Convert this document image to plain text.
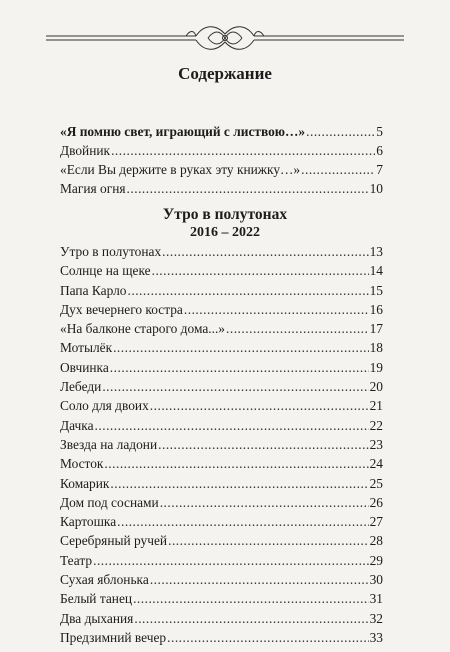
Содержание
«Я помню свет, играющий с листвою…» .....	5
Двойник .....	6
«Если Вы держите в руках эту книжку…» .....	7
Магия огня .....	10
Утро в полутонах
2016 – 2022
Утро в полутонах .....	13
Солнце на щеке .....	14
Папа Карло .....	15
Дух вечернего костра .....	16
«На балконе старого дома...» .....	17
Мотылёк .....	18
Овчинка .....	19
Лебеди .....	20
Соло для двоих .....	21
Дачка .....	22
Звезда на ладони .....	23
Мосток .....	24
Комарик .....	25
Дом под соснами .....	26
Картошка .....	27
Серебряный ручей .....	28
Театр .....	29
Сухая яблонька .....	30
Белый танец .....	31
Два дыхания .....	32
Предзимний вечер .....	33
